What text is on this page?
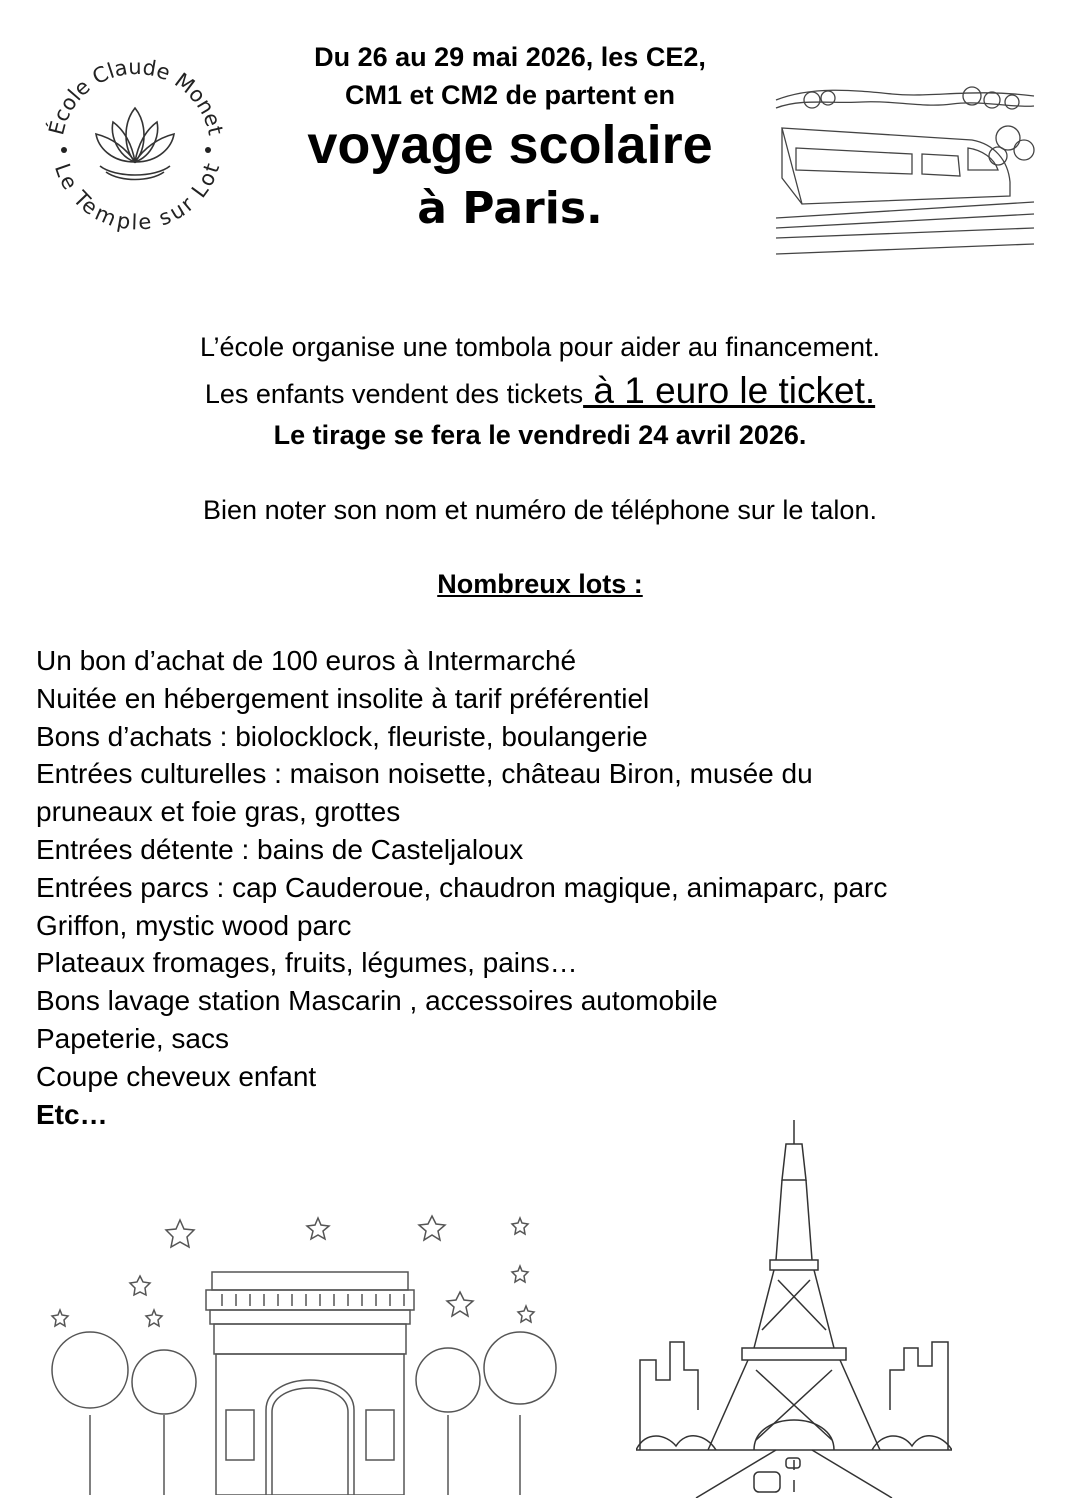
École Claude Monet
Le Temple sur Lot
Du 26 au 29 mai 2026, les CE2,
CM1 et CM2 de partent en
voyage scolaire
à Paris.
L’école organise une tombola pour aider au financement.
Les enfants vendent des tickets à 1 euro le ticket.
Le tirage se fera le vendredi 24 avril 2026.
Bien noter son nom et numéro de téléphone sur le talon.
Nombreux lots :
Un bon d’achat de 100 euros à Intermarché
Nuitée en hébergement insolite à tarif préférentiel
Bons d’achats : biolocklock, fleuriste, boulangerie
Entrées culturelles : maison noisette, château Biron, musée du
pruneaux et foie gras, grottes
Entrées détente : bains de Casteljaloux
Entrées parcs : cap Cauderoue, chaudron magique, animaparc, parc
Griffon, mystic wood parc
Plateaux fromages, fruits, légumes, pains…
Bons lavage station Mascarin , accessoires automobile
Papeterie, sacs
Coupe cheveux enfant
Etc…
